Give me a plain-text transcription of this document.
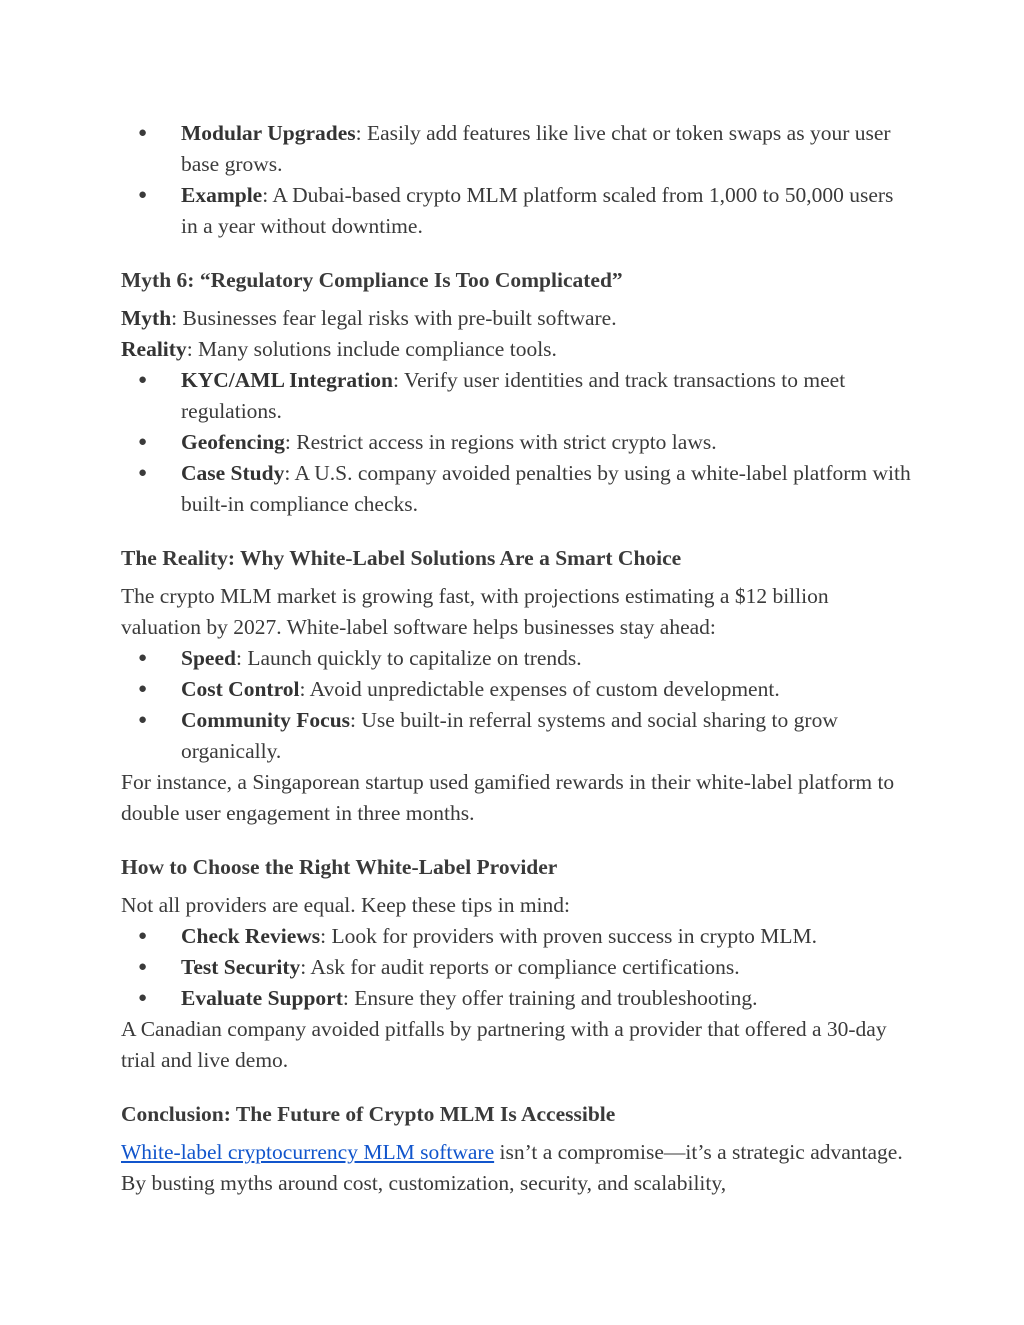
● Modular Upgrades: Easily add features like live chat or token swaps as your user base grows.
● Example: A Dubai-based crypto MLM platform scaled from 1,000 to 50,000 users in a year without downtime.
Myth 6: “Regulatory Compliance Is Too Complicated”

Myth: Businesses fear legal risks with pre-built software.

Reality: Many solutions include compliance tools.

● KYC/AML Integration: Verify user identities and track transactions to meet regulations.
● Geofencing: Restrict access in regions with strict crypto laws.
● Case Study: A U.S. company avoided penalties by using a white-label platform with built-in compliance checks.
The Reality: Why White-Label Solutions Are a Smart Choice

The crypto MLM market is growing fast, with projections estimating a $12 billion valuation by 2027. White-label software helps businesses stay ahead:

● Speed: Launch quickly to capitalize on trends.
● Cost Control: Avoid unpredictable expenses of custom development.
● Community Focus: Use built-in referral systems and social sharing to grow organically.

For instance, a Singaporean startup used gamified rewards in their white-label platform to double user engagement in three months.

How to Choose the Right White-Label Provider

Not all providers are equal. Keep these tips in mind:

● Check Reviews: Look for providers with proven success in crypto MLM.
● Test Security: Ask for audit reports or compliance certifications.
● Evaluate Support: Ensure they offer training and troubleshooting.

A Canadian company avoided pitfalls by partnering with a provider that offered a 30-day trial and live demo.

Conclusion: The Future of Crypto MLM Is Accessible

White-label cryptocurrency MLM software isn’t a compromise—it’s a strategic advantage. By busting myths around cost, customization, security, and scalability,
